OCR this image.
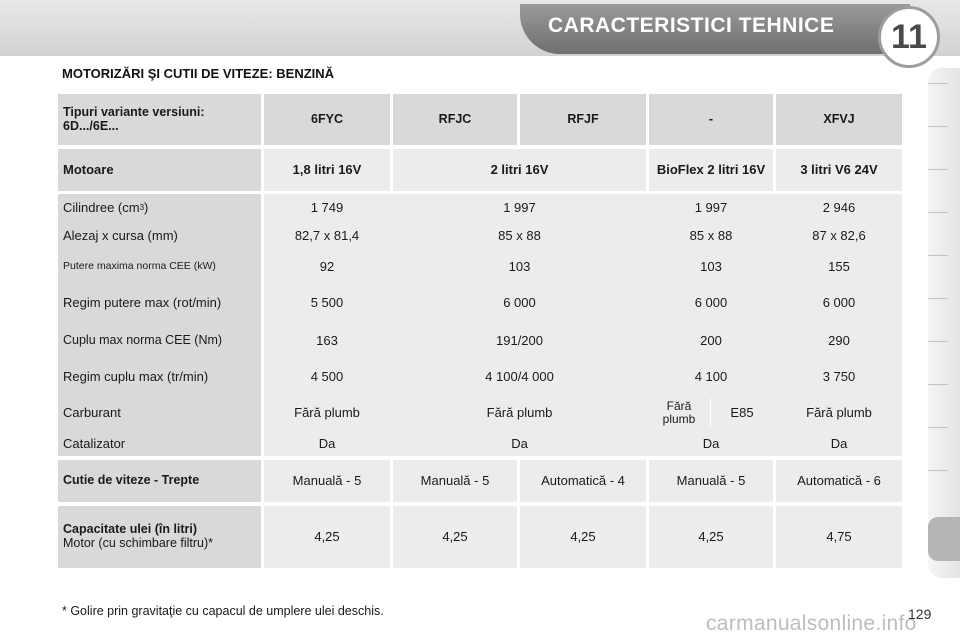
CARACTERISTICI TEHNICE	11
MOTORIZĂRI ŞI CUTII DE VITEZE: BENZINĂ
Tipuri variante versiuni: 6D.../6E...	6FYC	RFJC	RFJF	-	XFVJ
Motoare	1,8 litri 16V	2 litri 16V	BioFlex 2 litri 16V	3 litri V6 24V
Cilindree (cm 3 )	1 749	1 997	1 997	2 946
Alezaj x cursa (mm)	82,7 x 81,4	85 x 88	85 x 88	87 x 82,6
Putere maxima norma CEE (kW)	92	103	103	155
Regim putere max (rot/min)	5 500	6 000	6 000	6 000
Cuplu max norma CEE (Nm)	163	191/200	200	290
Regim cuplu max (tr/min)	4 500	4 100/4 000	4 100	3 750
Carburant	Fără plumb	Fără plumb	Fără plumb	E85	Fără plumb
Catalizator	Da	Da	Da	Da
Cutie de viteze - Trepte	Manuală - 5	Manuală - 5	Automatică - 4	Manuală - 5	Automatică - 6
Capacitate ulei (în litri)
Motor (cu schimbare filtru)*	4,25	4,25	4,25	4,25	4,75
* Golire prin gravitaţie cu capacul de umplere ulei deschis.
carmanualsonline.info
129
